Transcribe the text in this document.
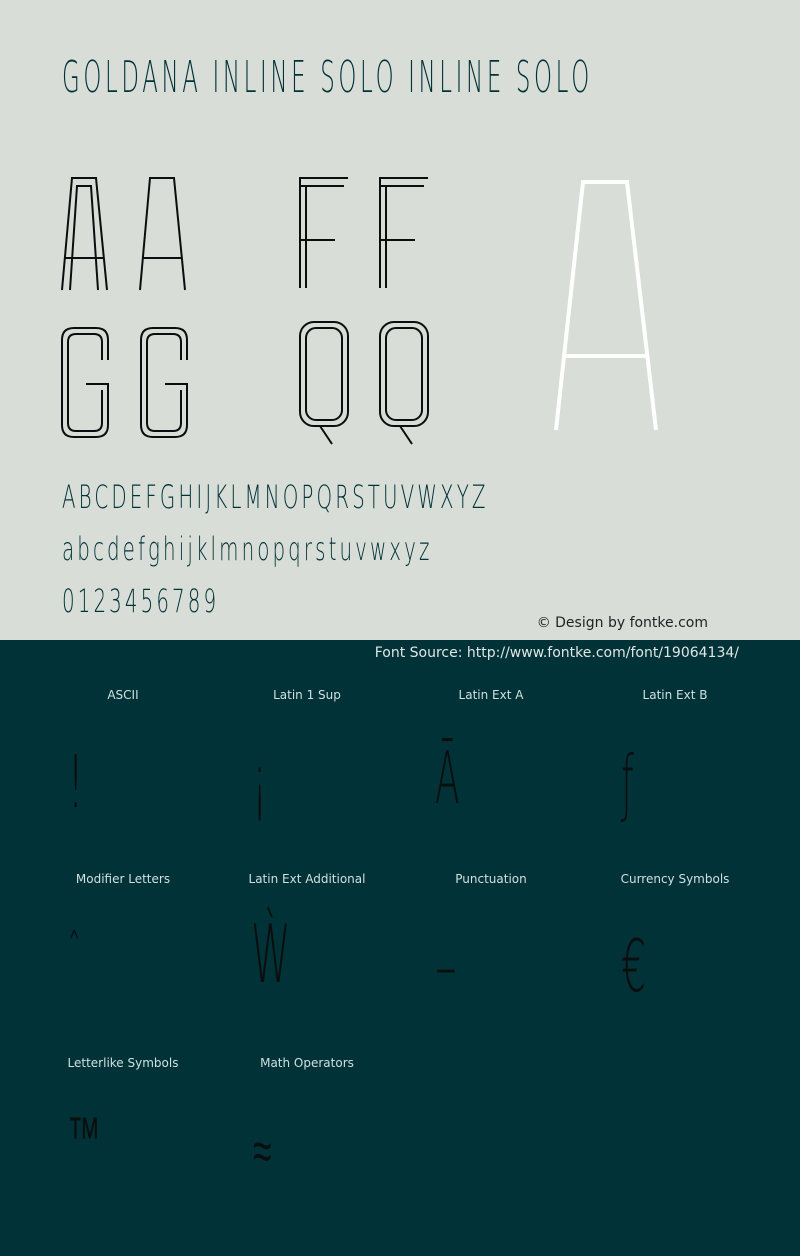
GOLDANA INLINE SOLO INLINE SOLO
ABCDEFGHIJKLMNOPQRSTUVWXYZ
abcdefghijklmnopqrstuvwxyz
0123456789
© Design by fontke.com
Font Source: http://www.fontke.com/font/19064134/
ASCII
!
Latin 1 Sup
¡
Latin Ext A
Ā
Latin Ext B
ƒ
Modifier Letters
ˆ
Latin Ext Additional
Ẁ
Punctuation
–
Currency Symbols
€
Letterlike Symbols
™
Math Operators
≈
